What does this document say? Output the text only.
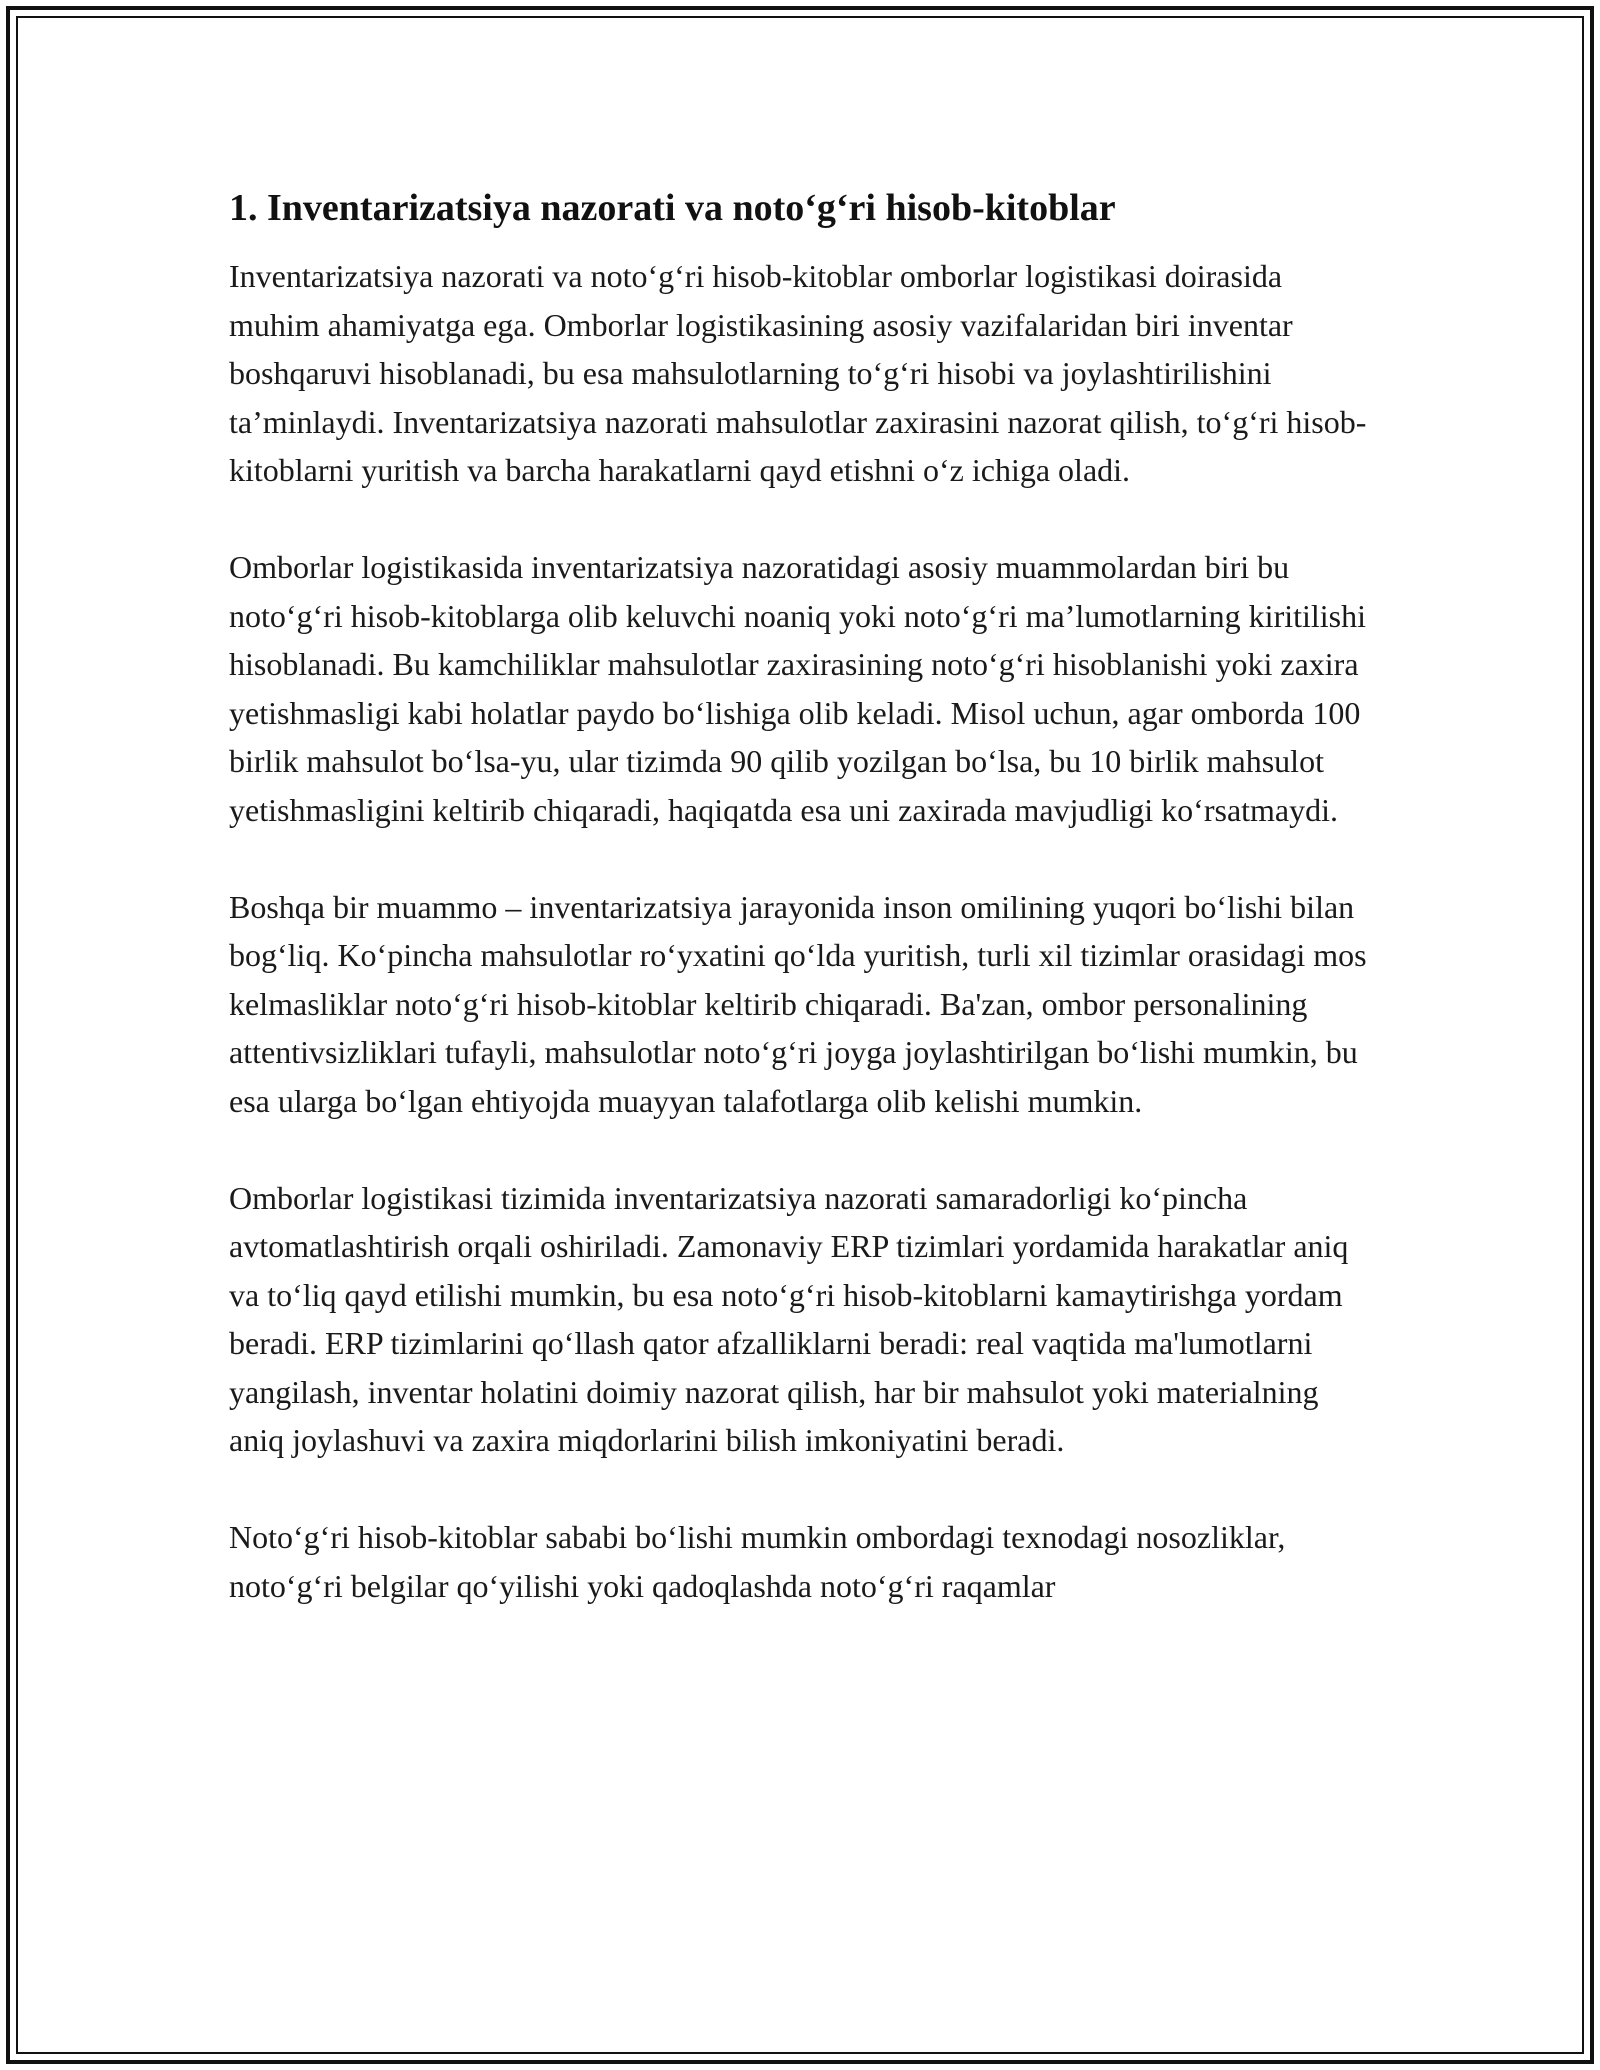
1. Inventarizatsiya nazorati va noto‘g‘ri hisob-kitoblar

Inventarizatsiya nazorati va noto‘g‘ri hisob-kitoblar omborlar logistikasi doirasida muhim ahamiyatga ega. Omborlar logistikasining asosiy vazifalaridan biri inventar boshqaruvi hisoblanadi, bu esa mahsulotlarning to‘g‘ri hisobi va joylashtirilishini ta’minlaydi. Inventarizatsiya nazorati mahsulotlar zaxirasini nazorat qilish, to‘g‘ri hisob-kitoblarni yuritish va barcha harakatlarni qayd etishni o‘z ichiga oladi.

Omborlar logistikasida inventarizatsiya nazoratidagi asosiy muammolardan biri bu noto‘g‘ri hisob-kitoblarga olib keluvchi noaniq yoki noto‘g‘ri ma’lumotlarning kiritilishi hisoblanadi. Bu kamchiliklar mahsulotlar zaxirasining noto‘g‘ri hisoblanishi yoki zaxira yetishmasligi kabi holatlar paydo bo‘lishiga olib keladi. Misol uchun, agar omborda 100 birlik mahsulot bo‘lsa-yu, ular tizimda 90 qilib yozilgan bo‘lsa, bu 10 birlik mahsulot yetishmasligini keltirib chiqaradi, haqiqatda esa uni zaxirada mavjudligi ko‘rsatmaydi.

Boshqa bir muammo – inventarizatsiya jarayonida inson omilining yuqori bo‘lishi bilan bog‘liq. Ko‘pincha mahsulotlar ro‘yxatini qo‘lda yuritish, turli xil tizimlar orasidagi mos kelmasliklar noto‘g‘ri hisob-kitoblar keltirib chiqaradi. Ba'zan, ombor personalining attentivsizliklari tufayli, mahsulotlar noto‘g‘ri joyga joylashtirilgan bo‘lishi mumkin, bu esa ularga bo‘lgan ehtiyojda muayyan talafotlarga olib kelishi mumkin.

Omborlar logistikasi tizimida inventarizatsiya nazorati samaradorligi ko‘pincha avtomatlashtirish orqali oshiriladi. Zamonaviy ERP tizimlari yordamida harakatlar aniq va to‘liq qayd etilishi mumkin, bu esa noto‘g‘ri hisob-kitoblarni kamaytirishga yordam beradi. ERP tizimlarini qo‘llash qator afzalliklarni beradi: real vaqtida ma'lumotlarni yangilash, inventar holatini doimiy nazorat qilish, har bir mahsulot yoki materialning aniq joylashuvi va zaxira miqdorlarini bilish imkoniyatini beradi.

Noto‘g‘ri hisob-kitoblar sababi bo‘lishi mumkin ombordagi texnodagi nosozliklar, noto‘g‘ri belgilar qo‘yilishi yoki qadoqlashda noto‘g‘ri raqamlar
